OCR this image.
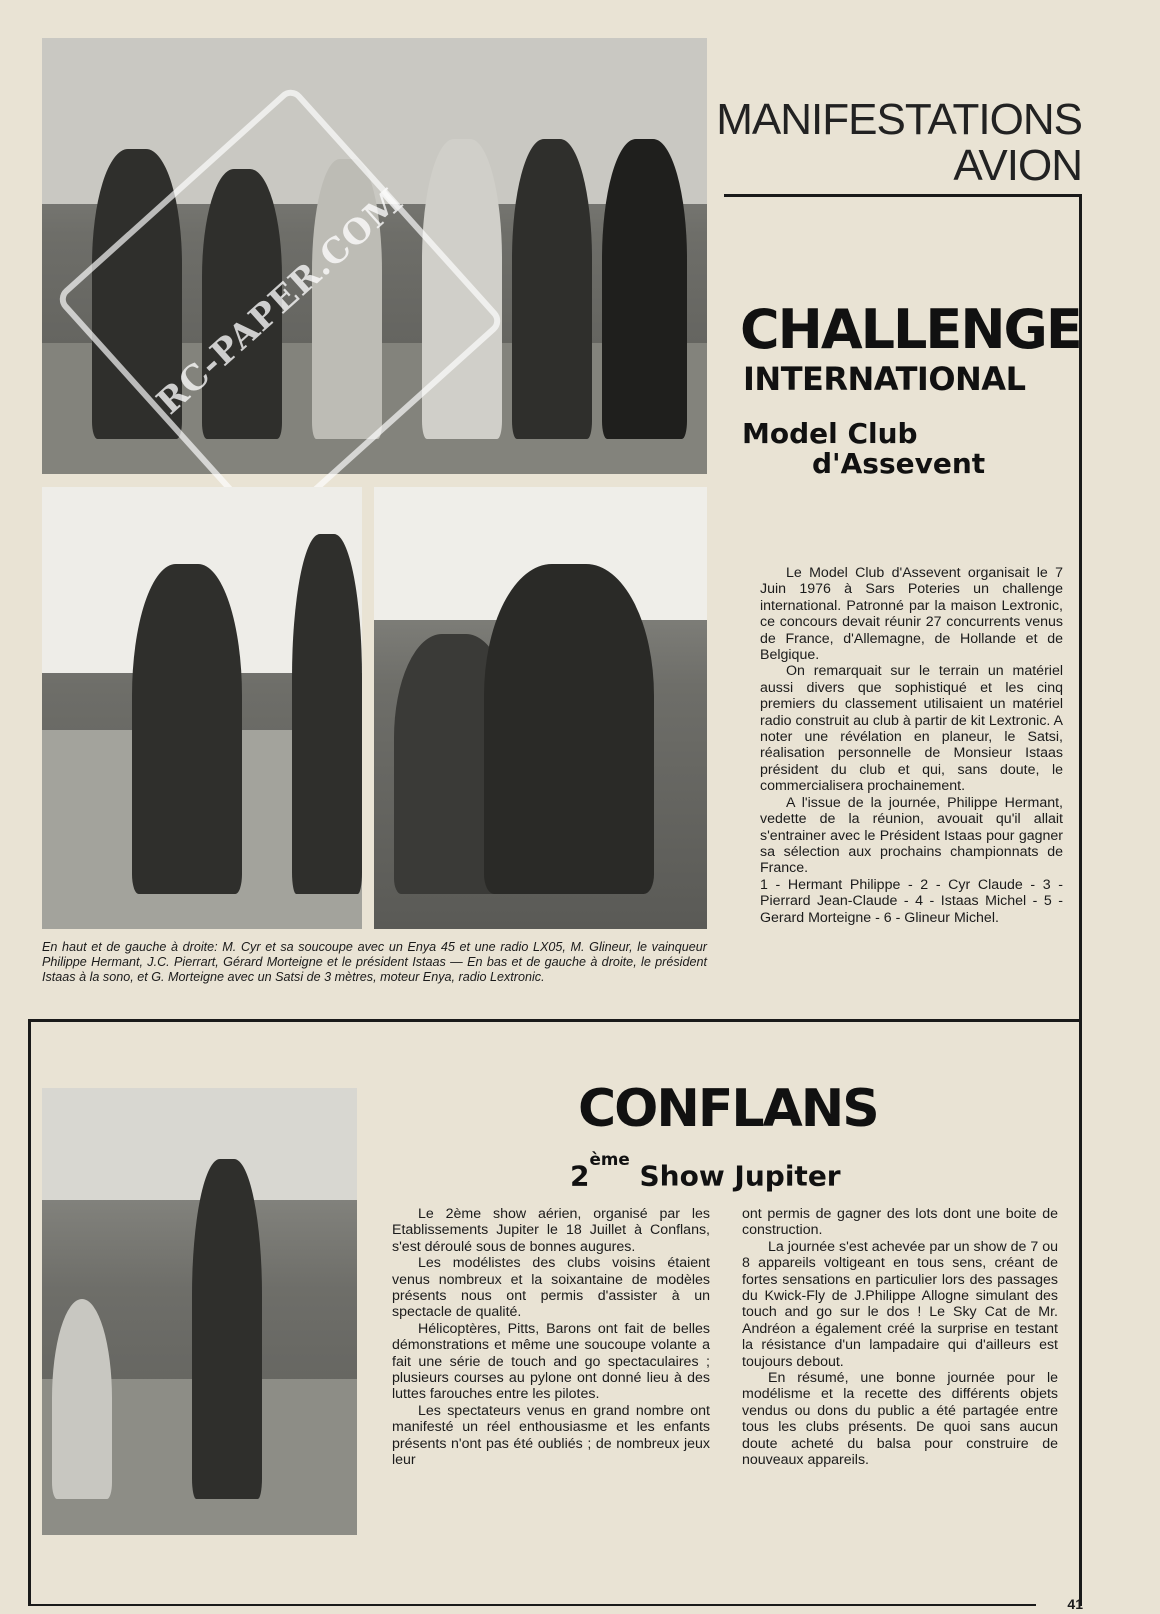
RC-PAPER.COM
En haut et de gauche à droite: M. Cyr et sa soucoupe avec un Enya 45 et une radio LX05, M. Glineur, le vainqueur Philippe Hermant, J.C. Pierrart, Gérard Morteigne et le président Istaas — En bas et de gauche à droite, le président Istaas à la sono, et G. Morteigne avec un Satsi de 3 mètres, moteur Enya, radio Lextronic.
MANIFESTATIONS
AVION
CHALLENGE
INTERNATIONAL
Model Club
d'Assevent

Le Model Club d'Assevent organisait le 7 Juin 1976 à Sars Poteries un challenge international. Patronné par la maison Lextronic, ce concours devait réunir 27 concurrents venus de France, d'Allemagne, de Hollande et de Belgique.

On remarquait sur le terrain un matériel aussi divers que sophistiqué et les cinq premiers du classement utilisaient un matériel radio construit au club à partir de kit Lextronic. A noter une révélation en planeur, le Satsi, réalisation personnelle de Monsieur Istaas président du club et qui, sans doute, le commercialisera prochainement.

A l'issue de la journée, Philippe Hermant, vedette de la réunion, avouait qu'il allait s'entrainer avec le Président Istaas pour gagner sa sélection aux prochains championnats de France.

1 - Hermant Philippe - 2 - Cyr Claude - 3 - Pierrard Jean-Claude - 4 - Istaas Michel - 5 - Gerard Morteigne - 6 - Glineur Michel.

CONFLANS
2ème Show Jupiter

Le 2ème show aérien, organisé par les Etablissements Jupiter le 18 Juillet à Conflans, s'est déroulé sous de bonnes augures.

Les modélistes des clubs voisins étaient venus nombreux et la soixantaine de modèles présents nous ont permis d'assister à un spectacle de qualité.

Hélicoptères, Pitts, Barons ont fait de belles démonstrations et même une soucoupe volante a fait une série de touch and go spectaculaires ; plusieurs courses au pylone ont donné lieu à des luttes farouches entre les pilotes.

Les spectateurs venus en grand nombre ont manifesté un réel enthousiasme et les enfants présents n'ont pas été oubliés ; de nombreux jeux leur

ont permis de gagner des lots dont une boite de construction.

La journée s'est achevée par un show de 7 ou 8 appareils voltigeant en tous sens, créant de fortes sensations en particulier lors des passages du Kwick-Fly de J.Philippe Allogne simulant des touch and go sur le dos ! Le Sky Cat de Mr. Andréon a également créé la surprise en testant la résistance d'un lampadaire qui d'ailleurs est toujours debout.

En résumé, une bonne journée pour le modélisme et la recette des différents objets vendus ou dons du public a été partagée entre tous les clubs présents. De quoi sans aucun doute acheté du balsa pour construire de nouveaux appareils.

41
